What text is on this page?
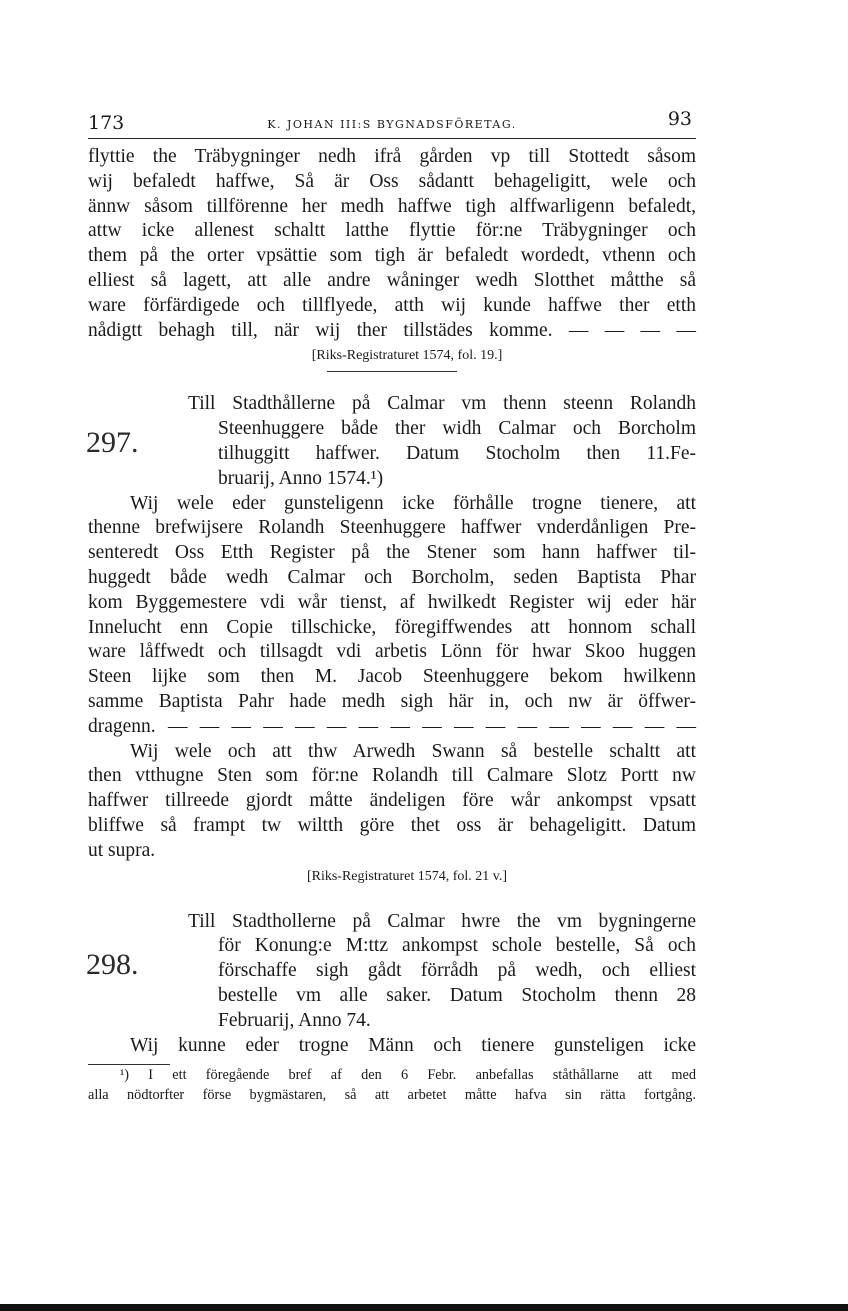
173	K. JOHAN III:S BYGNADSFÖRETAG.	93
flyttie the Träbygninger nedh ifrå gården vp till Stottedt såsom
wij befaledt haffwe, Så är Oss sådantt behageligitt, wele och
ännw såsom tillförenne her medh haffwe tigh alffwarligenn befaledt,
attw icke allenest schaltt latthe flyttie för:ne Träbygninger och
them på the orter vpsättie som tigh är befaledt wordedt, vthenn och
elliest så lagett, att alle andre wåninger wedh Slotthet måtthe så
ware förfärdigede och tillflyede, atth wij kunde haffwe ther etth
nådigtt behagh till, när wij ther tillstädes komme. — — — —
[Riks-Registraturet 1574, fol. 19.]
297.
Till Stadthållerne på Calmar vm thenn steenn Rolandh
Steenhuggere både ther widh Calmar och Borcholm
tilhuggitt haffwer. Datum Stocholm then 11.Fe-
bruarij, Anno 1574.¹)
Wij wele eder gunsteligenn icke förhålle trogne tienere, att
thenne brefwijsere Rolandh Steenhuggere haffwer vnderdånligen Pre-
senteredt Oss Etth Register på the Stener som hann haffwer til-
huggedt både wedh Calmar och Borcholm, seden Baptista Phar
kom Byggemestere vdi wår tienst, af hwilkedt Register wij eder här
Innelucht enn Copie tillschicke, föregiffwendes att honnom schall
ware låffwedt och tillsagdt vdi arbetis Lönn för hwar Skoo huggen
Steen lijke som then M. Jacob Steenhuggere bekom hwilkenn
samme Baptista Pahr hade medh sigh här in, och nw är öffwer-
dragenn. — — — — — — — — — — — — — — — — —
Wij wele och att thw Arwedh Swann så bestelle schaltt att
then vtthugne Sten som för:ne Rolandh till Calmare Slotz Portt nw
haffwer tillreede gjordt måtte ändeligen före wår ankompst vpsatt
bliffwe så frampt tw wiltth göre thet oss är behageligitt. Datum
ut supra.
[Riks-Registraturet 1574, fol. 21 v.]
298.
Till Stadthollerne på Calmar hwre the vm bygningerne
för Konung:e M:ttz ankompst schole bestelle, Så och
förschaffe sigh gådt förrådh på wedh, och elliest
bestelle vm alle saker. Datum Stocholm thenn 28
Februarij, Anno 74.
Wij kunne eder trogne Männ och tienere gunsteligen icke
¹) I ett föregående bref af den 6 Febr. anbefallas ståthållarne att med
alla nödtorfter förse bygmästaren, så att arbetet måtte hafva sin rätta fortgång.
